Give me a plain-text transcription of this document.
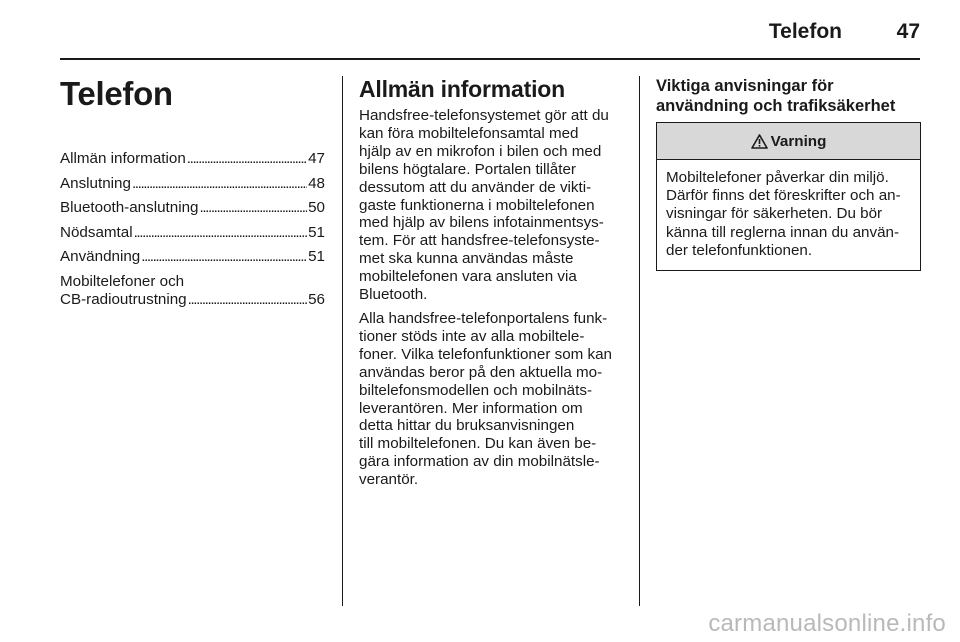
Telefon	47
Telefon
Allmän information . . .	47
Anslutning . . .	48
Bluetooth-anslutning . . .	50
Nödsamtal . . .	51
Användning . . .	51
Mobiltelefoner och
CB-radioutrustning . . .	56
Allmän information

Handsfree-telefonsystemet gör att du
kan föra mobiltelefonsamtal med
hjälp av en mikrofon i bilen och med
bilens högtalare. Portalen tillåter
dessutom att du använder de vikti-
gaste funktionerna i mobiltelefonen
med hjälp av bilens infotainmentsys-
tem. För att handsfree-telefonsyste-
met ska kunna användas måste
mobiltelefonen vara ansluten via
Bluetooth.

Alla handsfree-telefonportalens funk-
tioner stöds inte av alla mobiltele-
foner. Vilka telefonfunktioner som kan
användas beror på den aktuella mo-
biltelefonsmodellen och mobilnäts-
leverantören. Mer information om
detta hittar du bruksanvisningen
till mobiltelefonen. Du kan även be-
gära information av din mobilnätsle-
verantör.

Viktiga anvisningar för
användning och trafiksäkerhet
Varning
Mobiltelefoner påverkar din miljö.
Därför finns det föreskrifter och an-
visningar för säkerheten. Du bör
känna till reglerna innan du använ-
der telefonfunktionen.
carmanualsonline.info
